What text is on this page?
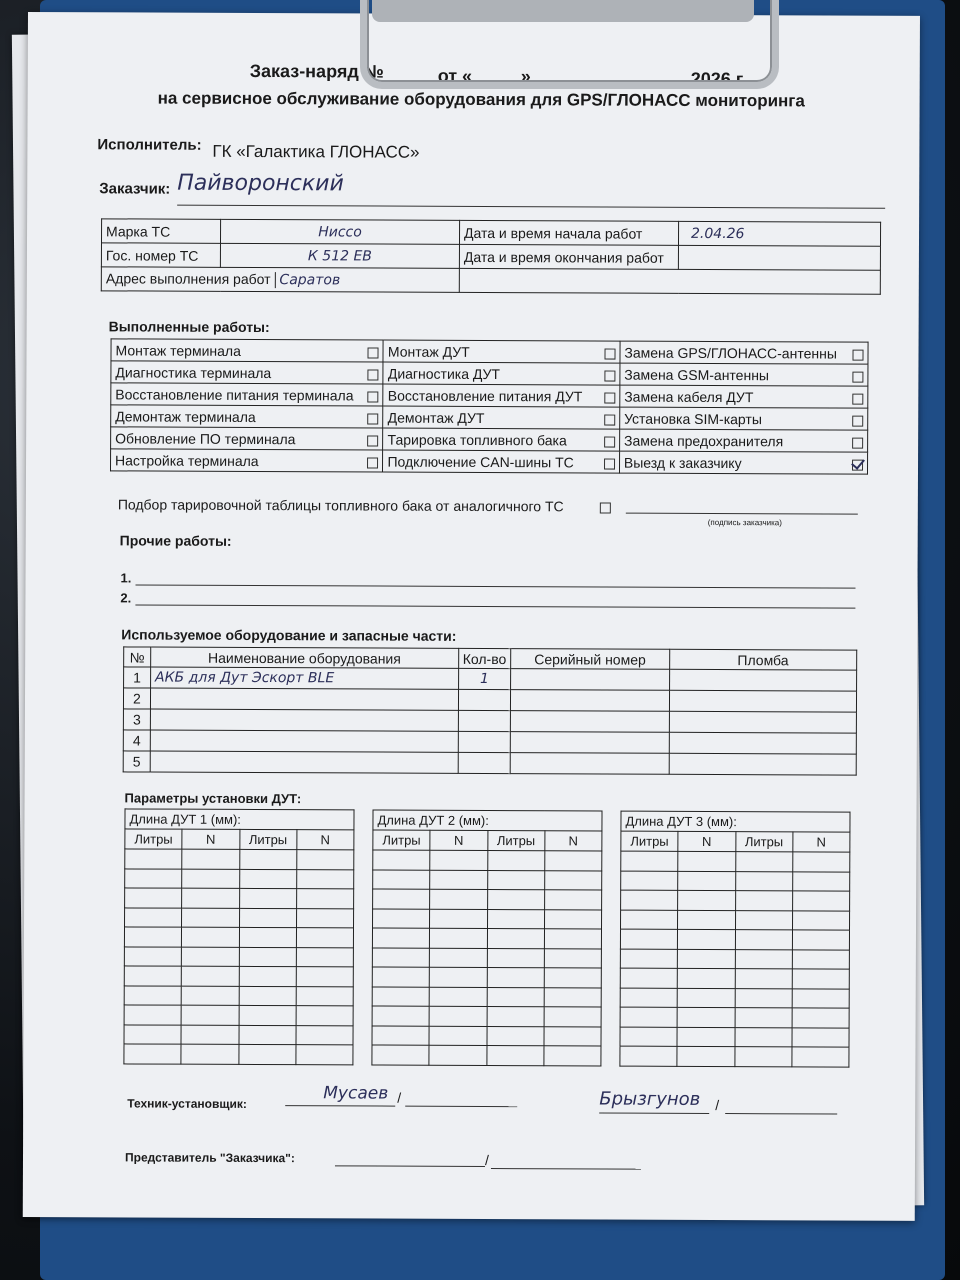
Заказ-наряд №	от «	»	2026 г.
на сервисное обслуживание оборудования для GPS/ГЛОНАСС мониторинга
Исполнитель: ГК «Галактика ГЛОНАСС»
Заказчик: Пайворонский
Марка ТС	Ниссо	Дата и время начала работ	2.04.26
Гос. номер ТС	К 512 ЕВ	Дата и время окончания работ	
Адрес выполнения работ Саратов			
Выполненные работы:
Монтаж терминала	Монтаж ДУТ	Замена GPS/ГЛОНАСС-антенны

Диагностика терминала	Диагностика ДУТ	Замена GSM-антенны

Восстановление питания терминала	Восстановление питания ДУТ	Замена кабеля ДУТ

Демонтаж терминала	Демонтаж ДУТ	Установка SIM-карты

Обновление ПО терминала	Тарировка топливного бака	Замена предохранителя

Настройка терминала	Подключение CAN-шины ТС	Выезд к заказчику
Подбор тарировочной таблицы топливного бака от аналогичного ТС
(подпись заказчика)
Прочие работы:
1.
2.
Используемое оборудование и запасные части:
№	Наименование оборудования	Кол-во	Серийный номер	Пломба
1	АКБ для Дут Эскорт BLE	1		
2				
3				
4				
5				
Параметры установки ДУТ:
Длина ДУТ 1 (мм):			
Литры	N	Литры	N

Длина ДУТ 2 (мм):			
Литры	N	Литры	N

Длина ДУТ 3 (мм):			
Литры	N	Литры	N

Техник-установщик:
Мусаев /	Брызгунов /
Представитель "Заказчика":	/
